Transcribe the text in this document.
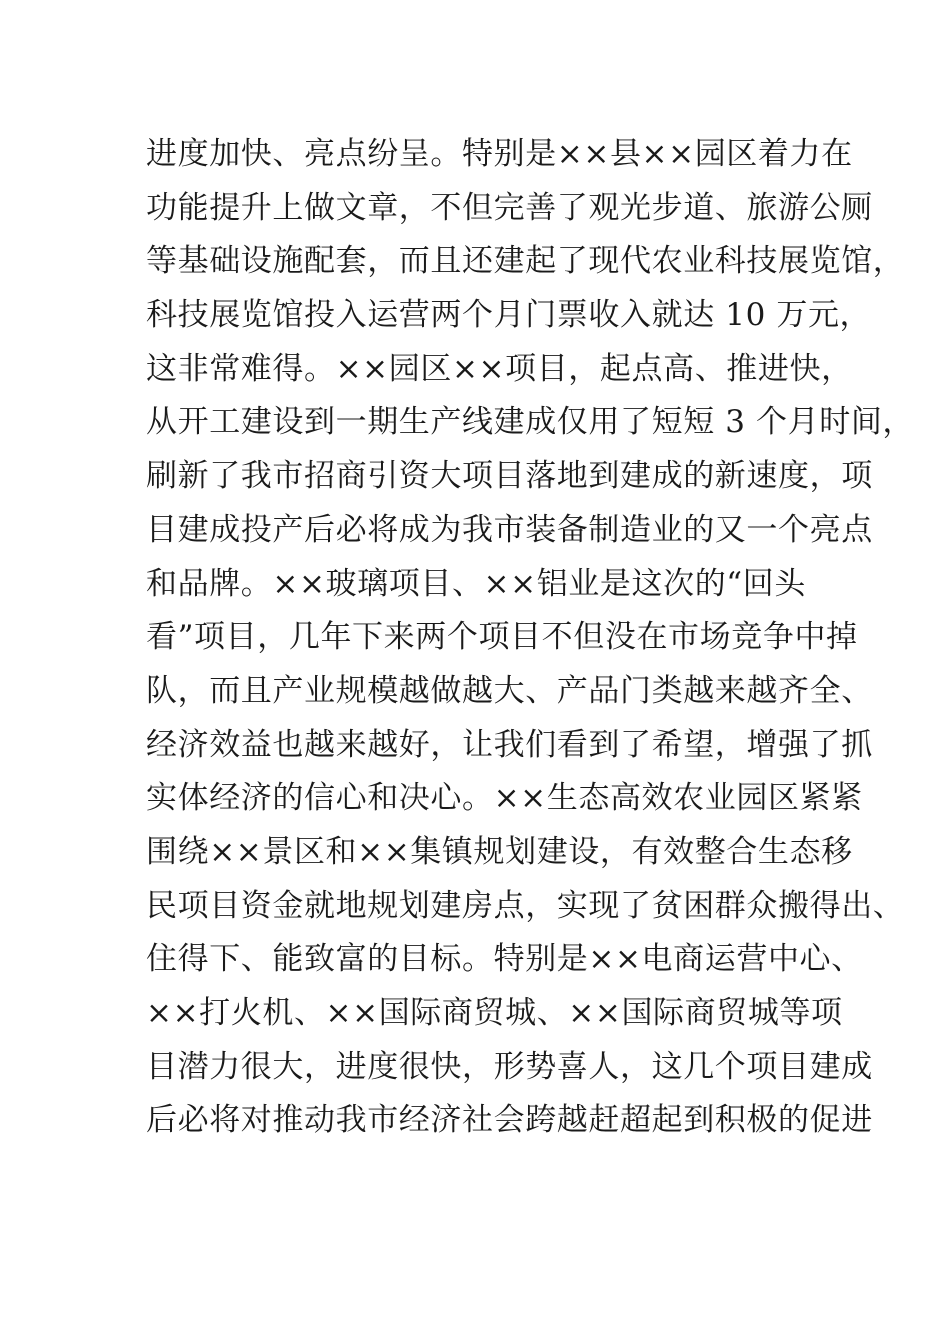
进度加快、亮点纷呈。特别是××县××园区着力在
功能提升上做文章，不但完善了观光步道、旅游公厕
等基础设施配套，而且还建起了现代农业科技展览馆，
科技展览馆投入运营两个月门票收入就达 10 万元，
这非常难得。××园区××项目，起点高、推进快，
从开工建设到一期生产线建成仅用了短短 3 个月时间，
刷新了我市招商引资大项目落地到建成的新速度，项
目建成投产后必将成为我市装备制造业的又一个亮点
和品牌。××玻璃项目、××铝业是这次的“回头
看”项目，几年下来两个项目不但没在市场竞争中掉
队，而且产业规模越做越大、产品门类越来越齐全、
经济效益也越来越好，让我们看到了希望，增强了抓
实体经济的信心和决心。××生态高效农业园区紧紧
围绕××景区和××集镇规划建设，有效整合生态移
民项目资金就地规划建房点，实现了贫困群众搬得出、
住得下、能致富的目标。特别是××电商运营中心、
××打火机、××国际商贸城、××国际商贸城等项
目潜力很大，进度很快，形势喜人，这几个项目建成
后必将对推动我市经济社会跨越赶超起到积极的促进
